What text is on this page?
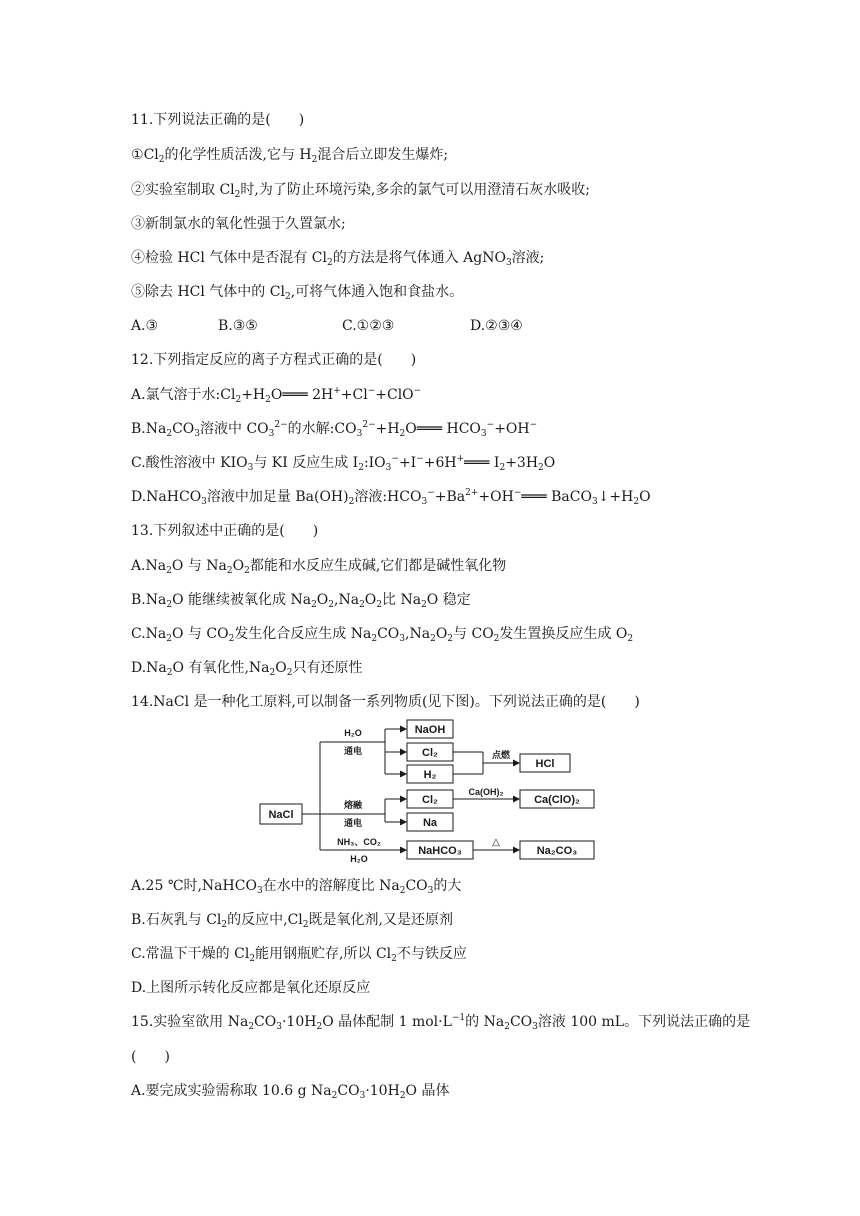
11.下列说法正确的是(　　)
$①Cl_2$的化学性质活泼,它与 $H_2$混合后立即发生爆炸;
②实验室制取 $Cl_2$时,为了防止环境污染,多余的氯气可以用澄清石灰水吸收;
③新制氯水的氧化性强于久置氯水;
④检验 HCl 气体中是否混有 $Cl_2$的方法是将气体通入 AgNO$_3$溶液;
⑤除去 HCl 气体中的 $Cl_2$,可将气体通入饱和食盐水。
A.③	B.③⑤	C.①②③	D.②③④
12.下列指定反应的离子方程式正确的是(　　)
A.氯气溶于水$:Cl_2+H_2O═══$ 2H++Cl−+ClO−
$B.Na_2CO_3$溶液中 $CO_3^{2-}$的水解$:CO_3^{2-}+H_2O═══$ $HCO_3^-+OH^-$
C.酸性溶液中 $KIO_3$与 KI 反应生成 $I_2:IO_3^-+I^-+6H^+═══$ $I_2+3H_2O$
D.NaHCO$_3$溶液中加足量 $Ba(OH)_2$溶液$:HCO_3^-+Ba^{2+}+OH^-═══$ $BaCO_3↓+H_2O$
13.下列叙述中正确的是(　　)
$A.Na_2O$ 与 $Na_2O_2$都能和水反应生成碱,它们都是碱性氧化物
$B.Na_2O$ 能继续被氧化成 $Na_2O_2,Na_2O_2$比 $Na_2O$ 稳定
$C.Na_2O$ 与 $CO_2$发生化合反应生成 $Na_2CO_3,Na_2O_2$与 $CO_2$发生置换反应生成 $O_2$
$D.Na_2O$ 有氧化性$,Na_2O_2$只有还原性
14.NaCl 是一种化工原料,可以制备一系列物质(见下图)。下列说法正确的是(　　)
NaCl
H₂O
通电
NaOH
Cl₂
H₂
点燃
HCl
熔融
通电
Cl₂
Ca(OH)₂
Ca(ClO)₂
Na
NH₃、CO₂
H₂O
NaHCO₃
△
Na₂CO₃
A.25 ℃时,NaHCO$_3$在水中的溶解度比 $Na_2CO_3$的大
B.石灰乳与 $Cl_2$的反应中$,Cl_2$既是氧化剂,又是还原剂
C.常温下干燥的 $Cl_2$能用钢瓶贮存,所以 $Cl_2$不与铁反应
D.上图所示转化反应都是氧化还原反应
15.实验室欲用 $Na_2CO_3\cdot 10H_2O$ 晶体配制 1 $mol\cdot L^{-1}$的 $Na_2CO_3$溶液 100 mL。下列说法正确的是
(　　)
A.要完成实验需称取 10.6 g $Na_2CO_3\cdot 10H_2O$ 晶体
